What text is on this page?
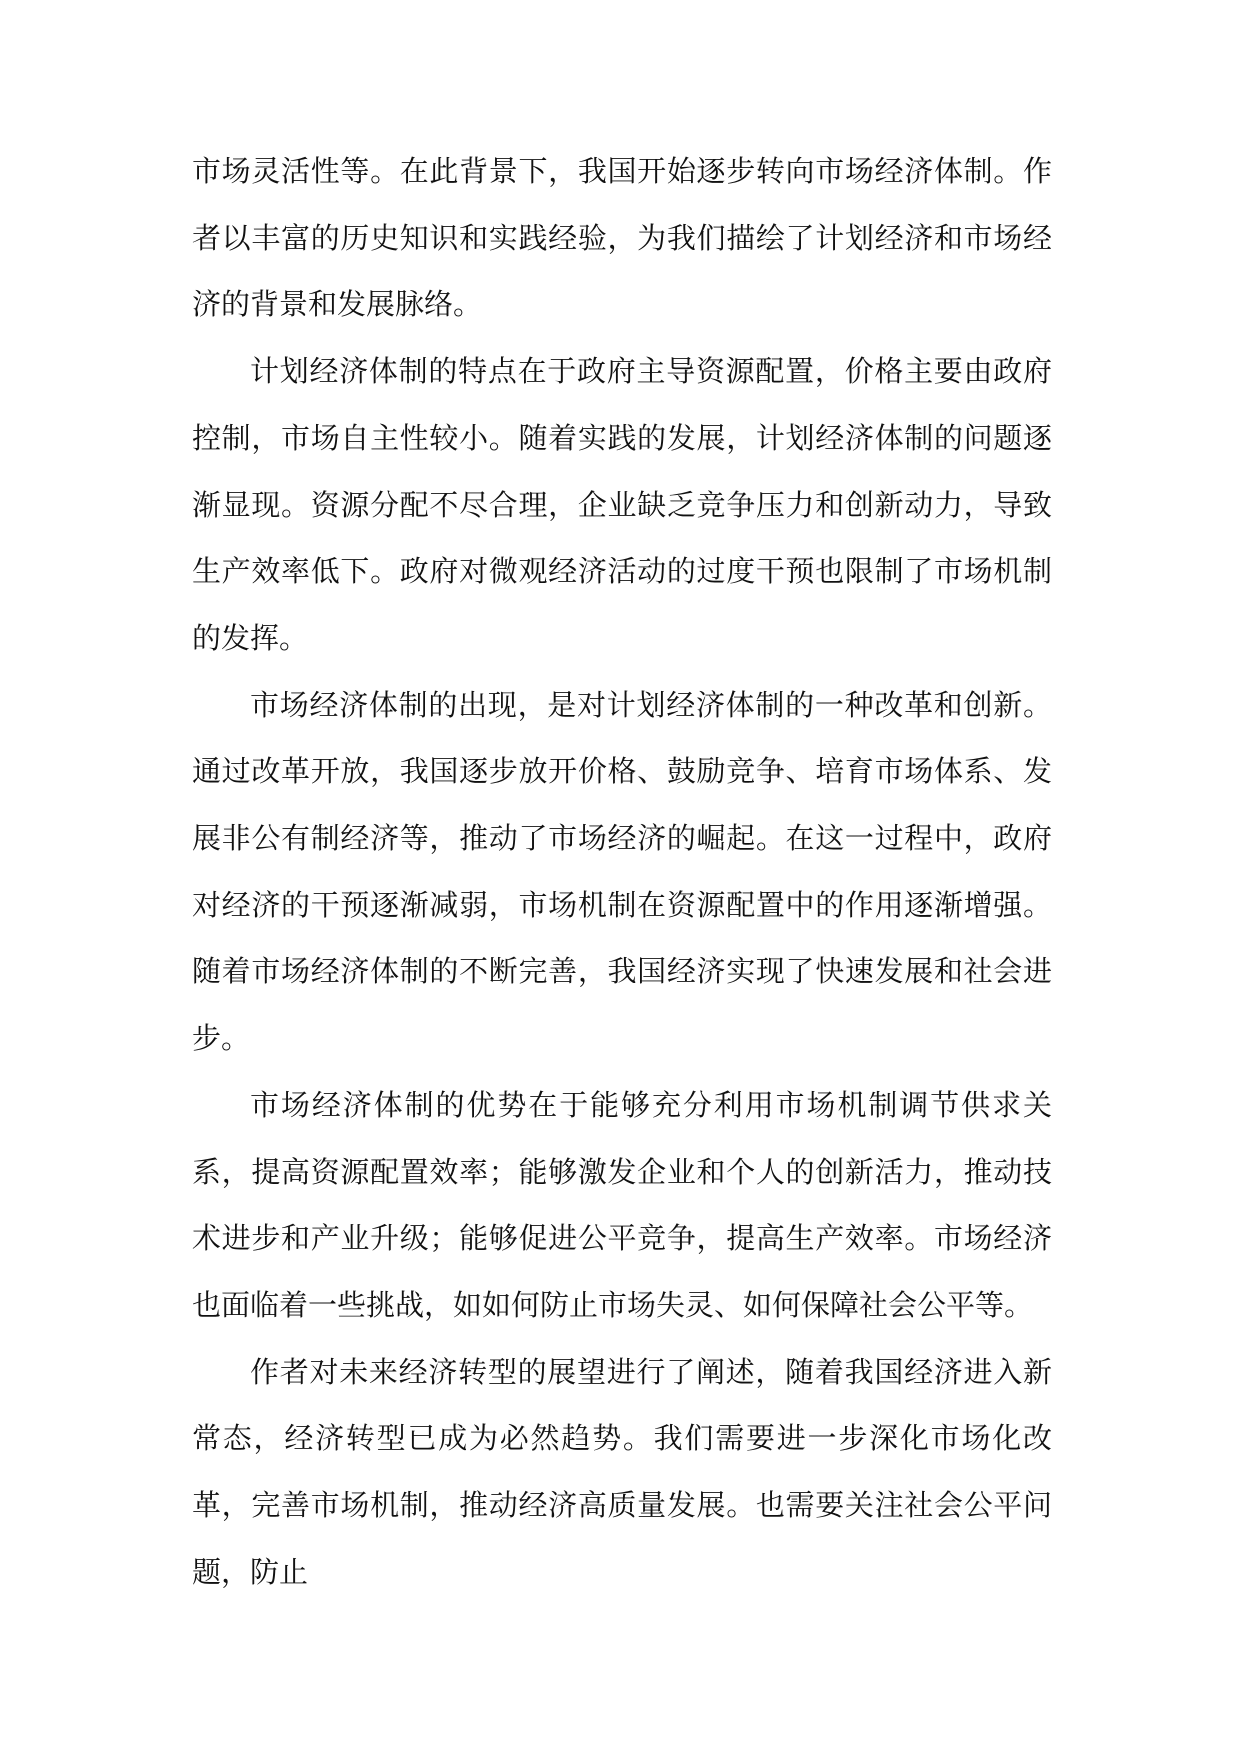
市场灵活性等。在此背景下，我国开始逐步转向市场经济体制。作者以丰富的历史知识和实践经验，为我们描绘了计划经济和市场经济的背景和发展脉络。

计划经济体制的特点在于政府主导资源配置，价格主要由政府控制，市场自主性较小。随着实践的发展，计划经济体制的问题逐渐显现。资源分配不尽合理，企业缺乏竞争压力和创新动力，导致生产效率低下。政府对微观经济活动的过度干预也限制了市场机制的发挥。

市场经济体制的出现，是对计划经济体制的一种改革和创新。通过改革开放，我国逐步放开价格、鼓励竞争、培育市场体系、发展非公有制经济等，推动了市场经济的崛起。在这一过程中，政府对经济的干预逐渐减弱，市场机制在资源配置中的作用逐渐增强。随着市场经济体制的不断完善，我国经济实现了快速发展和社会进步。

市场经济体制的优势在于能够充分利用市场机制调节供求关系，提高资源配置效率；能够激发企业和个人的创新活力，推动技术进步和产业升级；能够促进公平竞争，提高生产效率。市场经济也面临着一些挑战，如如何防止市场失灵、如何保障社会公平等。

作者对未来经济转型的展望进行了阐述，随着我国经济进入新常态，经济转型已成为必然趋势。我们需要进一步深化市场化改革，完善市场机制，推动经济高质量发展。也需要关注社会公平问题，防止
